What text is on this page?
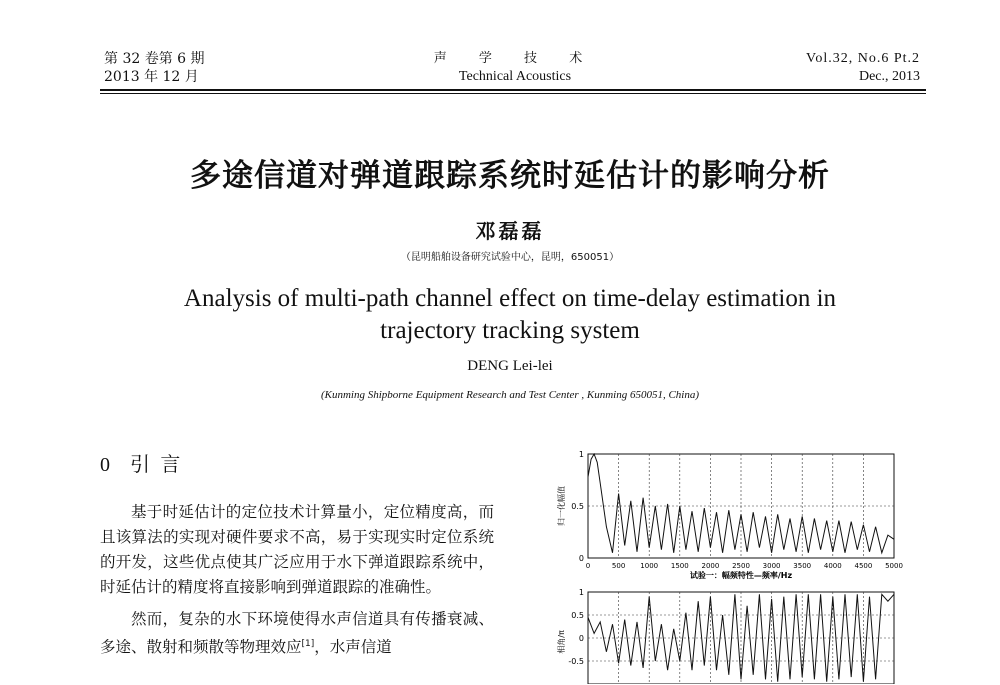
第 32 卷第 6 期
2013 年 12 月
声 学 技 术
Technical Acoustics
Vol.32, No.6 Pt.2
Dec., 2013
多途信道对弹道跟踪系统时延估计的影响分析
邓磊磊
（昆明船舶设备研究试验中心，昆明，650051）
Analysis of multi-path channel effect on time-delay estimation in
trajectory tracking system
DENG Lei-lei
(Kunming Shipborne Equipment Research and Test Center , Kunming 650051, China)
0 引 言

基于时延估计的定位技术计算量小，定位精度高，而且该算法的实现对硬件要求不高，易于实现实时定位系统的开发，这些优点使其广泛应用于水下弹道跟踪系统中，时延估计的精度将直接影响到弹道跟踪的准确性。

然而，复杂的水下环境使得水声信道具有传播衰减、多途、散射和频散等物理效应[1]，水声信道

0
0.5
1
0	500 1000 1500 2000 2500 3000 3500 4000 4500 5000
归一化幅值
试验一：幅频特性—频率/Hz
-0.5
0
0.5
1
相角/π
